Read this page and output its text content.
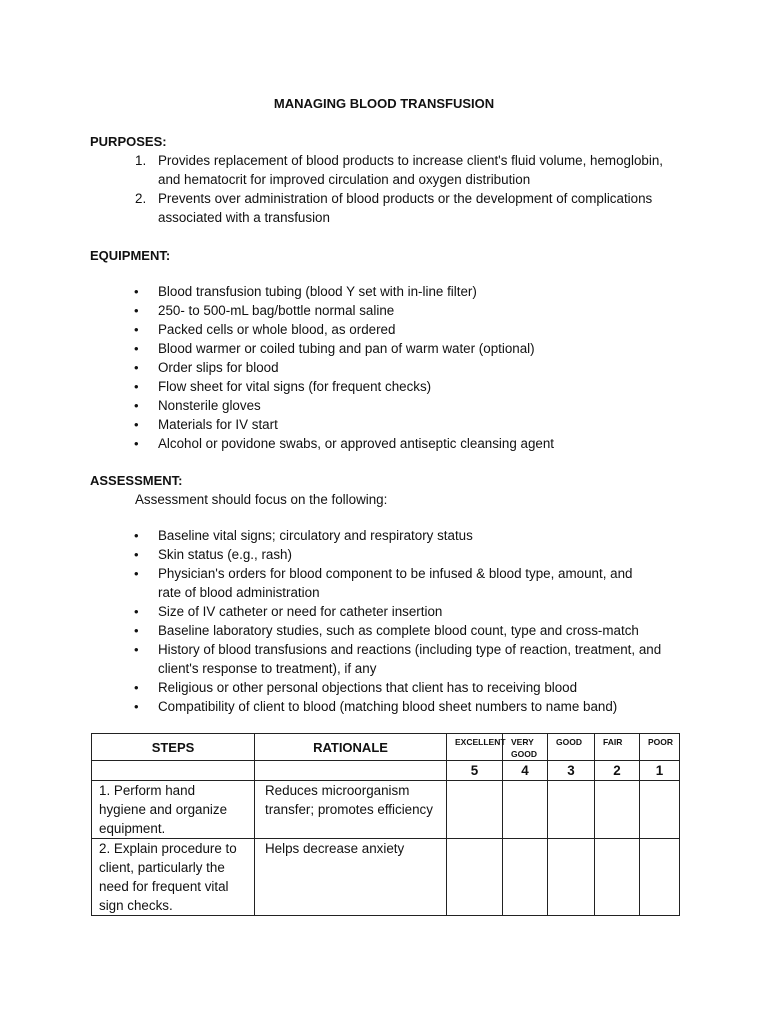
MANAGING BLOOD TRANSFUSION
PURPOSES:
1. Provides replacement of blood products to increase client's fluid volume, hemoglobin, and hematocrit for improved circulation and oxygen distribution
2. Prevents over administration of blood products or the development of complications associated with a transfusion
EQUIPMENT:
• Blood transfusion tubing (blood Y set with in-line filter)
• 250- to 500-mL bag/bottle normal saline
• Packed cells or whole blood, as ordered
• Blood warmer or coiled tubing and pan of warm water (optional)
• Order slips for blood
• Flow sheet for vital signs (for frequent checks)
• Nonsterile gloves
• Materials for IV start
• Alcohol or povidone swabs, or approved antiseptic cleansing agent
ASSESSMENT:
Assessment should focus on the following:
• Baseline vital signs; circulatory and respiratory status
• Skin status (e.g., rash)
• Physician's orders for blood component to be infused & blood type, amount, and rate of blood administration
• Size of IV catheter or need for catheter insertion
• Baseline laboratory studies, such as complete blood count, type and cross-match
• History of blood transfusions and reactions (including type of reaction, treatment, and client's response to treatment), if any
• Religious or other personal objections that client has to receiving blood
• Compatibility of client to blood (matching blood sheet numbers to name band)
STEPS	RATIONALE	EXCELLENT	VERY GOOD	GOOD	FAIR	POOR
		5	4	3	2	1
1. Perform hand hygiene and organize equipment.	Reduces microorganism transfer; promotes efficiency					
2. Explain procedure to client, particularly the need for frequent vital sign checks.	Helps decrease anxiety					
